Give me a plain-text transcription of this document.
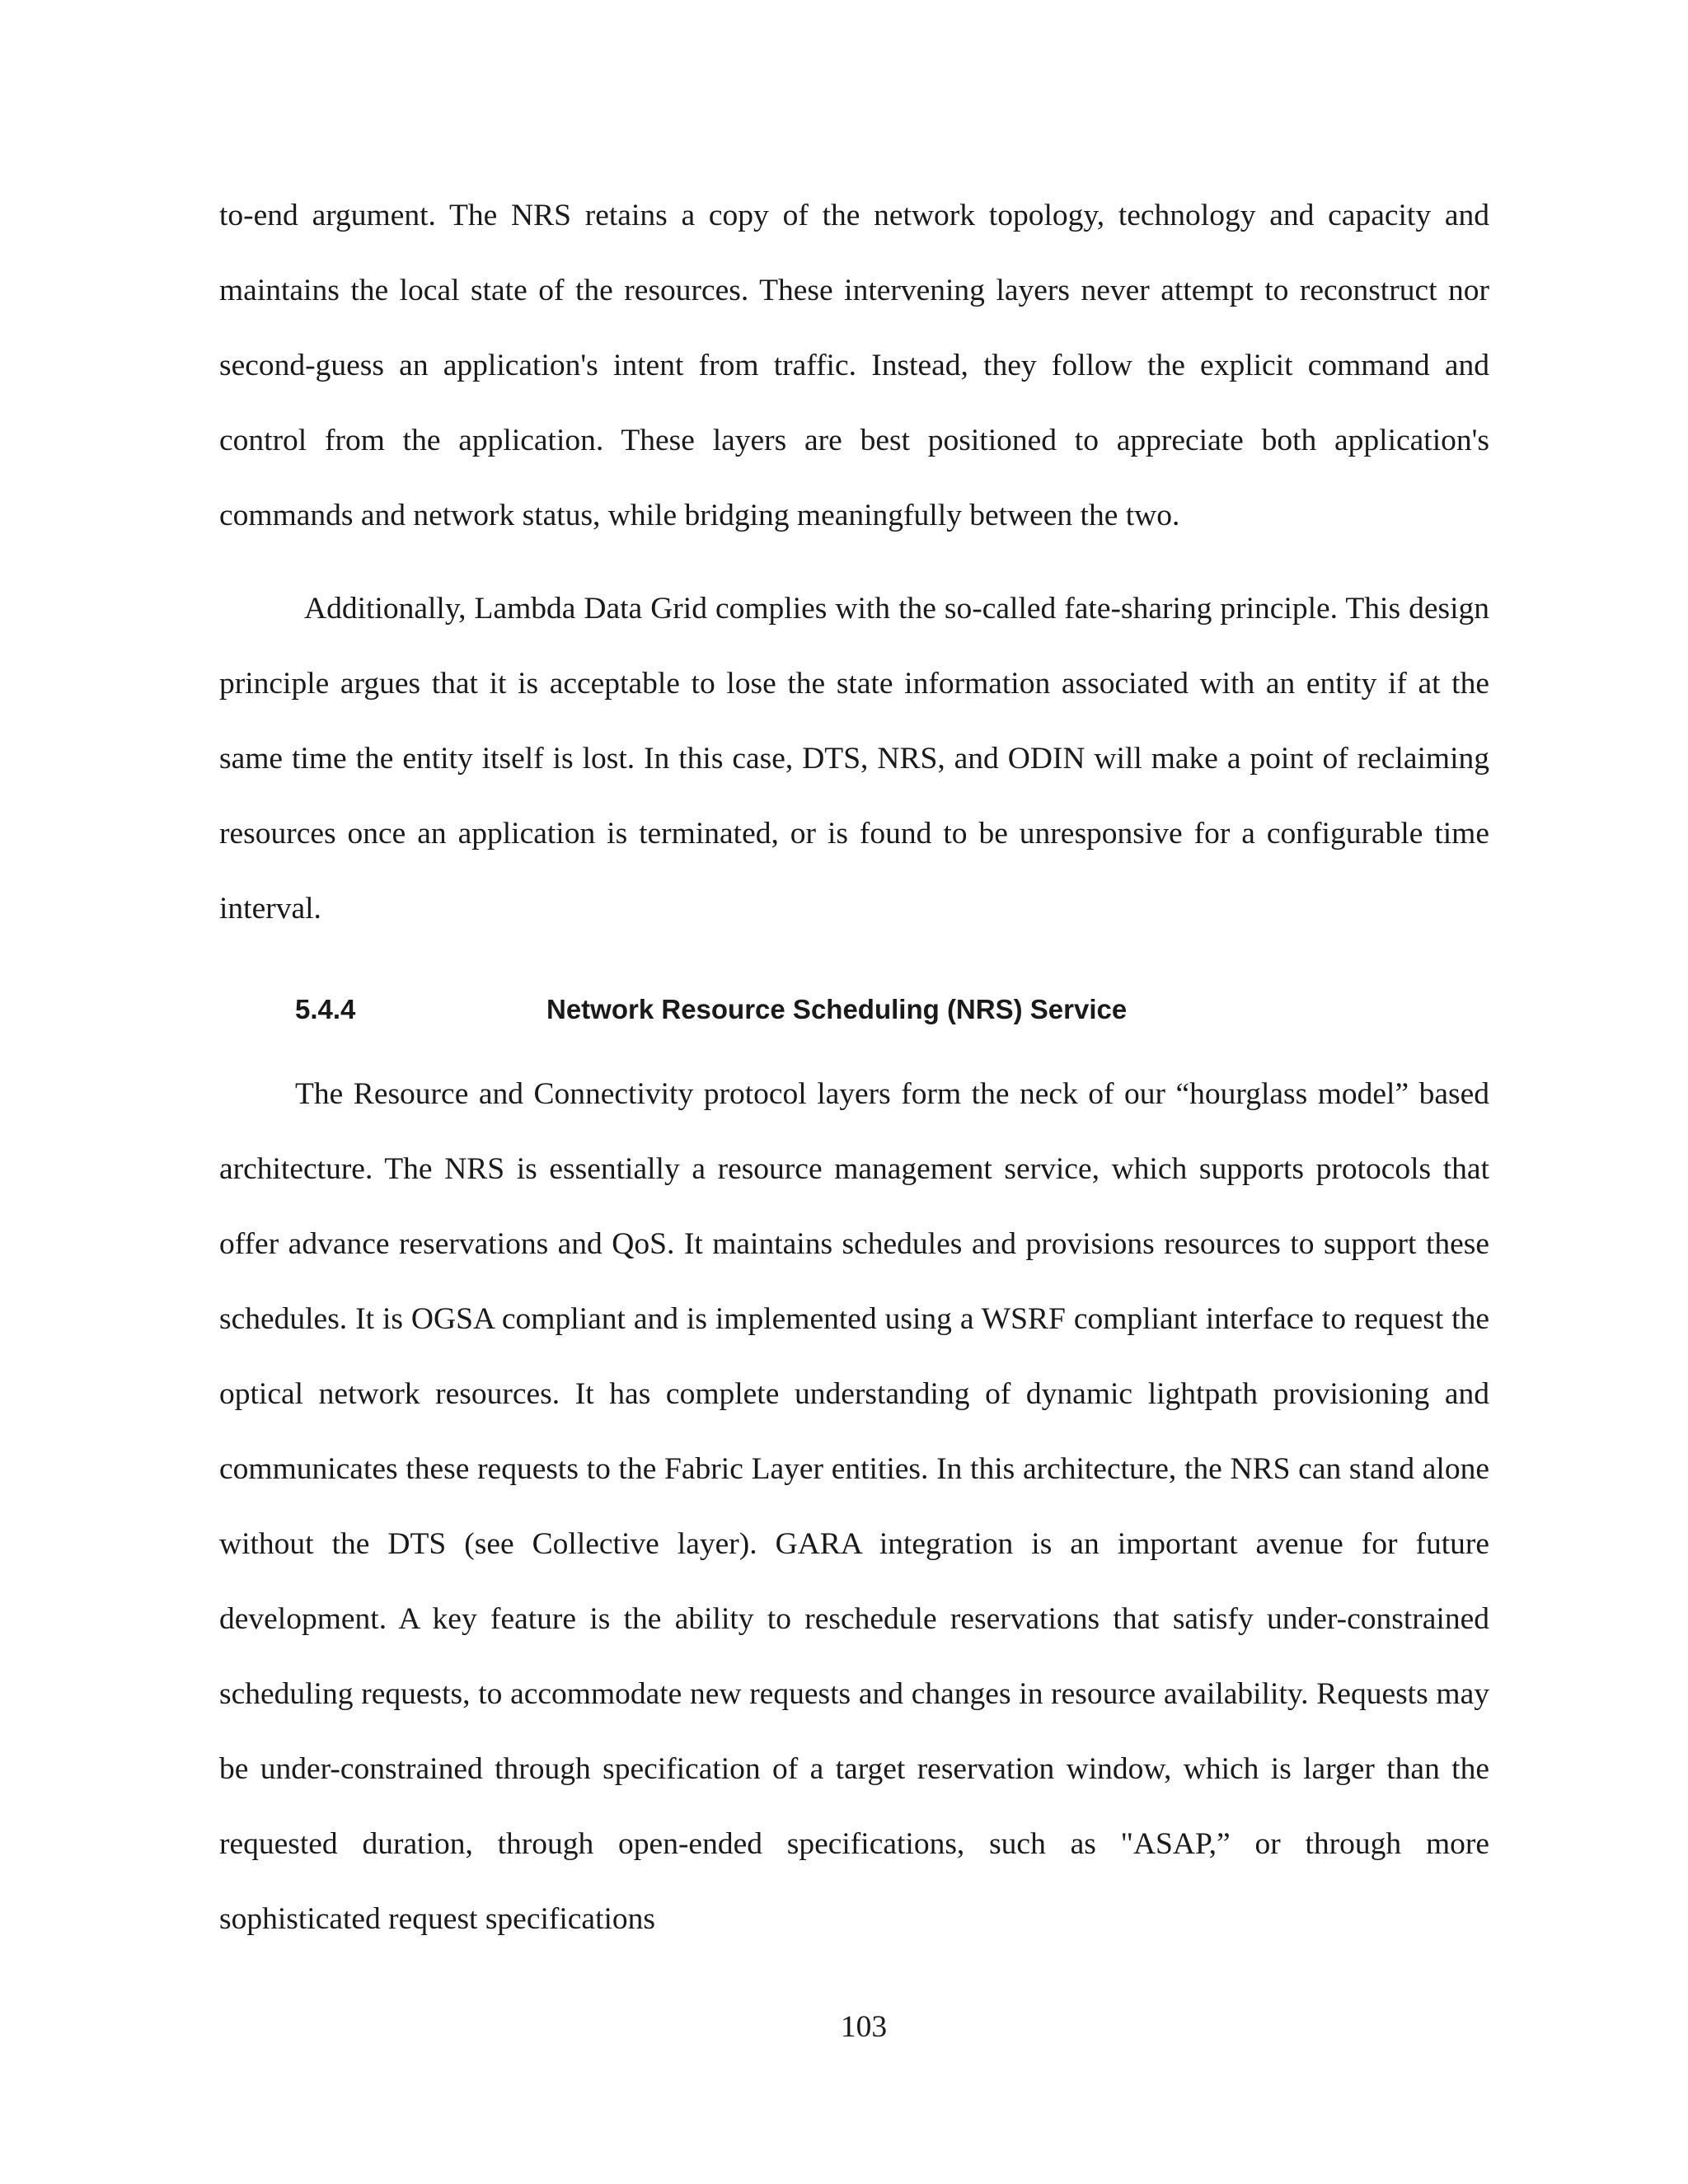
to-end argument. The NRS retains a copy of the network topology, technology and capacity and maintains the local state of the resources. These intervening layers never attempt to reconstruct nor second-guess an application's intent from traffic. Instead, they follow the explicit command and control from the application. These layers are best positioned to appreciate both application's commands and network status, while bridging meaningfully between the two.

Additionally, Lambda Data Grid complies with the so-called fate-sharing principle. This design principle argues that it is acceptable to lose the state information associated with an entity if at the same time the entity itself is lost. In this case, DTS, NRS, and ODIN will make a point of reclaiming resources once an application is terminated, or is found to be unresponsive for a configurable time interval.

5.4.4	Network Resource Scheduling (NRS) Service

The Resource and Connectivity protocol layers form the neck of our “hourglass model” based architecture. The NRS is essentially a resource management service, which supports protocols that offer advance reservations and QoS. It maintains schedules and provisions resources to support these schedules. It is OGSA compliant and is implemented using a WSRF compliant interface to request the optical network resources. It has complete understanding of dynamic lightpath provisioning and communicates these requests to the Fabric Layer entities. In this architecture, the NRS can stand alone without the DTS (see Collective layer). GARA integration is an important avenue for future development. A key feature is the ability to reschedule reservations that satisfy under-constrained scheduling requests, to accommodate new requests and changes in resource availability. Requests may be under-constrained through specification of a target reservation window, which is larger than the requested duration, through open-ended specifications, such as "ASAP,” or through more sophisticated request specifications

103
